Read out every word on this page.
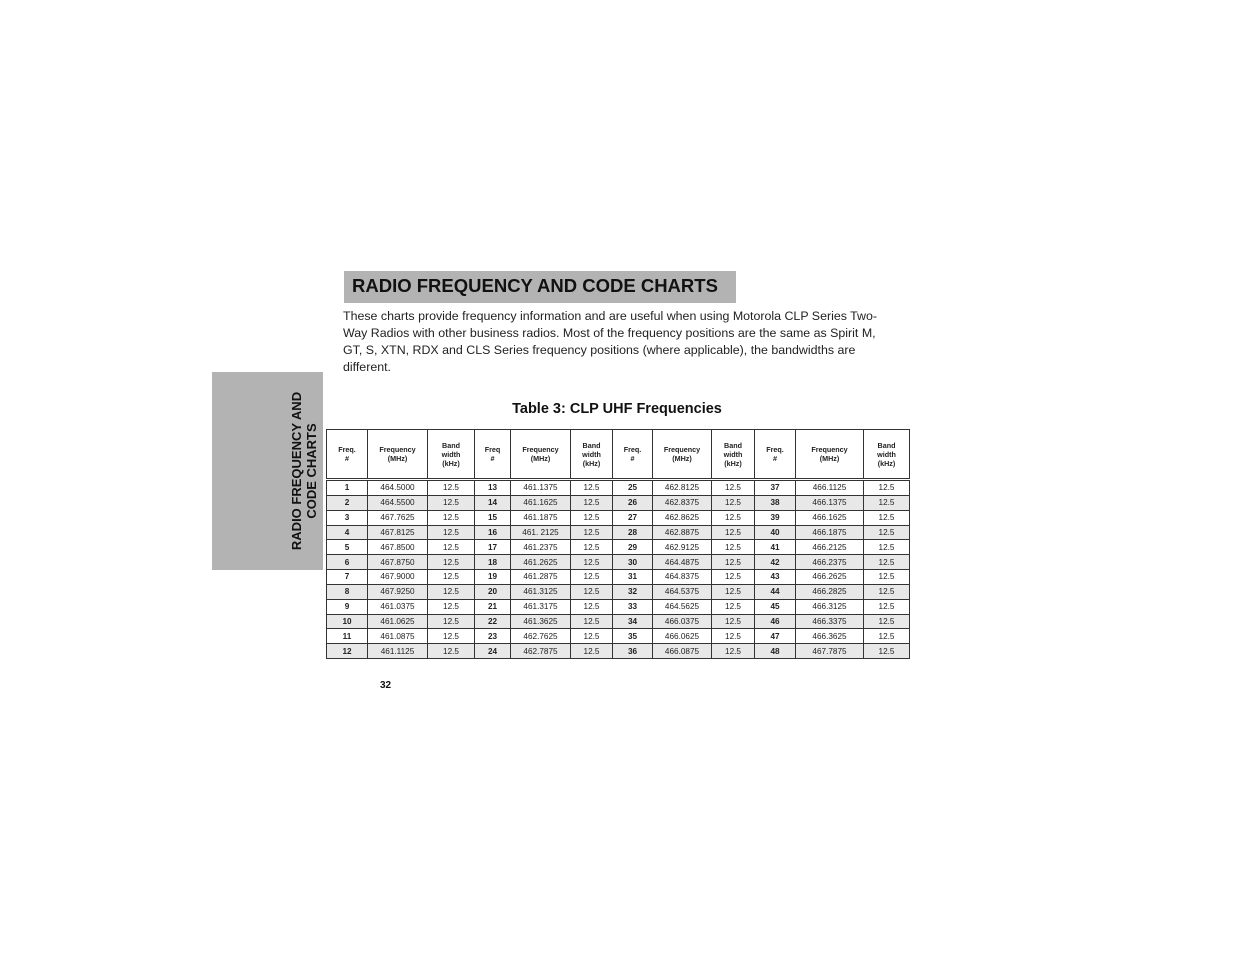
RADIO FREQUENCY AND
CODE CHARTS
RADIO FREQUENCY AND CODE CHARTS

These charts provide frequency information and are useful when using Motorola CLP Series Two-Way Radios with other business radios. Most of the frequency positions are the same as Spirit M, GT, S, XTN, RDX and CLS Series frequency positions (where applicable), the bandwidths are different.

Table 3: CLP UHF Frequencies
Freq.
#	Frequency
(MHz)	Band
width
(kHz)	Freq
#	Frequency
(MHz)	Band
width
(kHz)	Freq.
#	Frequency
(MHz)	Band
width
(kHz)	Freq.
#	Frequency
(MHz)	Band
width
(kHz)

1	464.5000	12.5	13	461.1375	12.5	25	462.8125	12.5	37	466.1125	12.5
2	464.5500	12.5	14	461.1625	12.5	26	462.8375	12.5	38	466.1375	12.5
3	467.7625	12.5	15	461.1875	12.5	27	462.8625	12.5	39	466.1625	12.5
4	467.8125	12.5	16	461. 2125	12.5	28	462.8875	12.5	40	466.1875	12.5
5	467.8500	12.5	17	461.2375	12.5	29	462.9125	12.5	41	466.2125	12.5
6	467.8750	12.5	18	461.2625	12.5	30	464.4875	12.5	42	466.2375	12.5
7	467.9000	12.5	19	461.2875	12.5	31	464.8375	12.5	43	466.2625	12.5
8	467.9250	12.5	20	461.3125	12.5	32	464.5375	12.5	44	466.2825	12.5
9	461.0375	12.5	21	461.3175	12.5	33	464.5625	12.5	45	466.3125	12.5
10	461.0625	12.5	22	461.3625	12.5	34	466.0375	12.5	46	466.3375	12.5
11	461.0875	12.5	23	462.7625	12.5	35	466.0625	12.5	47	466.3625	12.5
12	461.1125	12.5	24	462.7875	12.5	36	466.0875	12.5	48	467.7875	12.5
32
